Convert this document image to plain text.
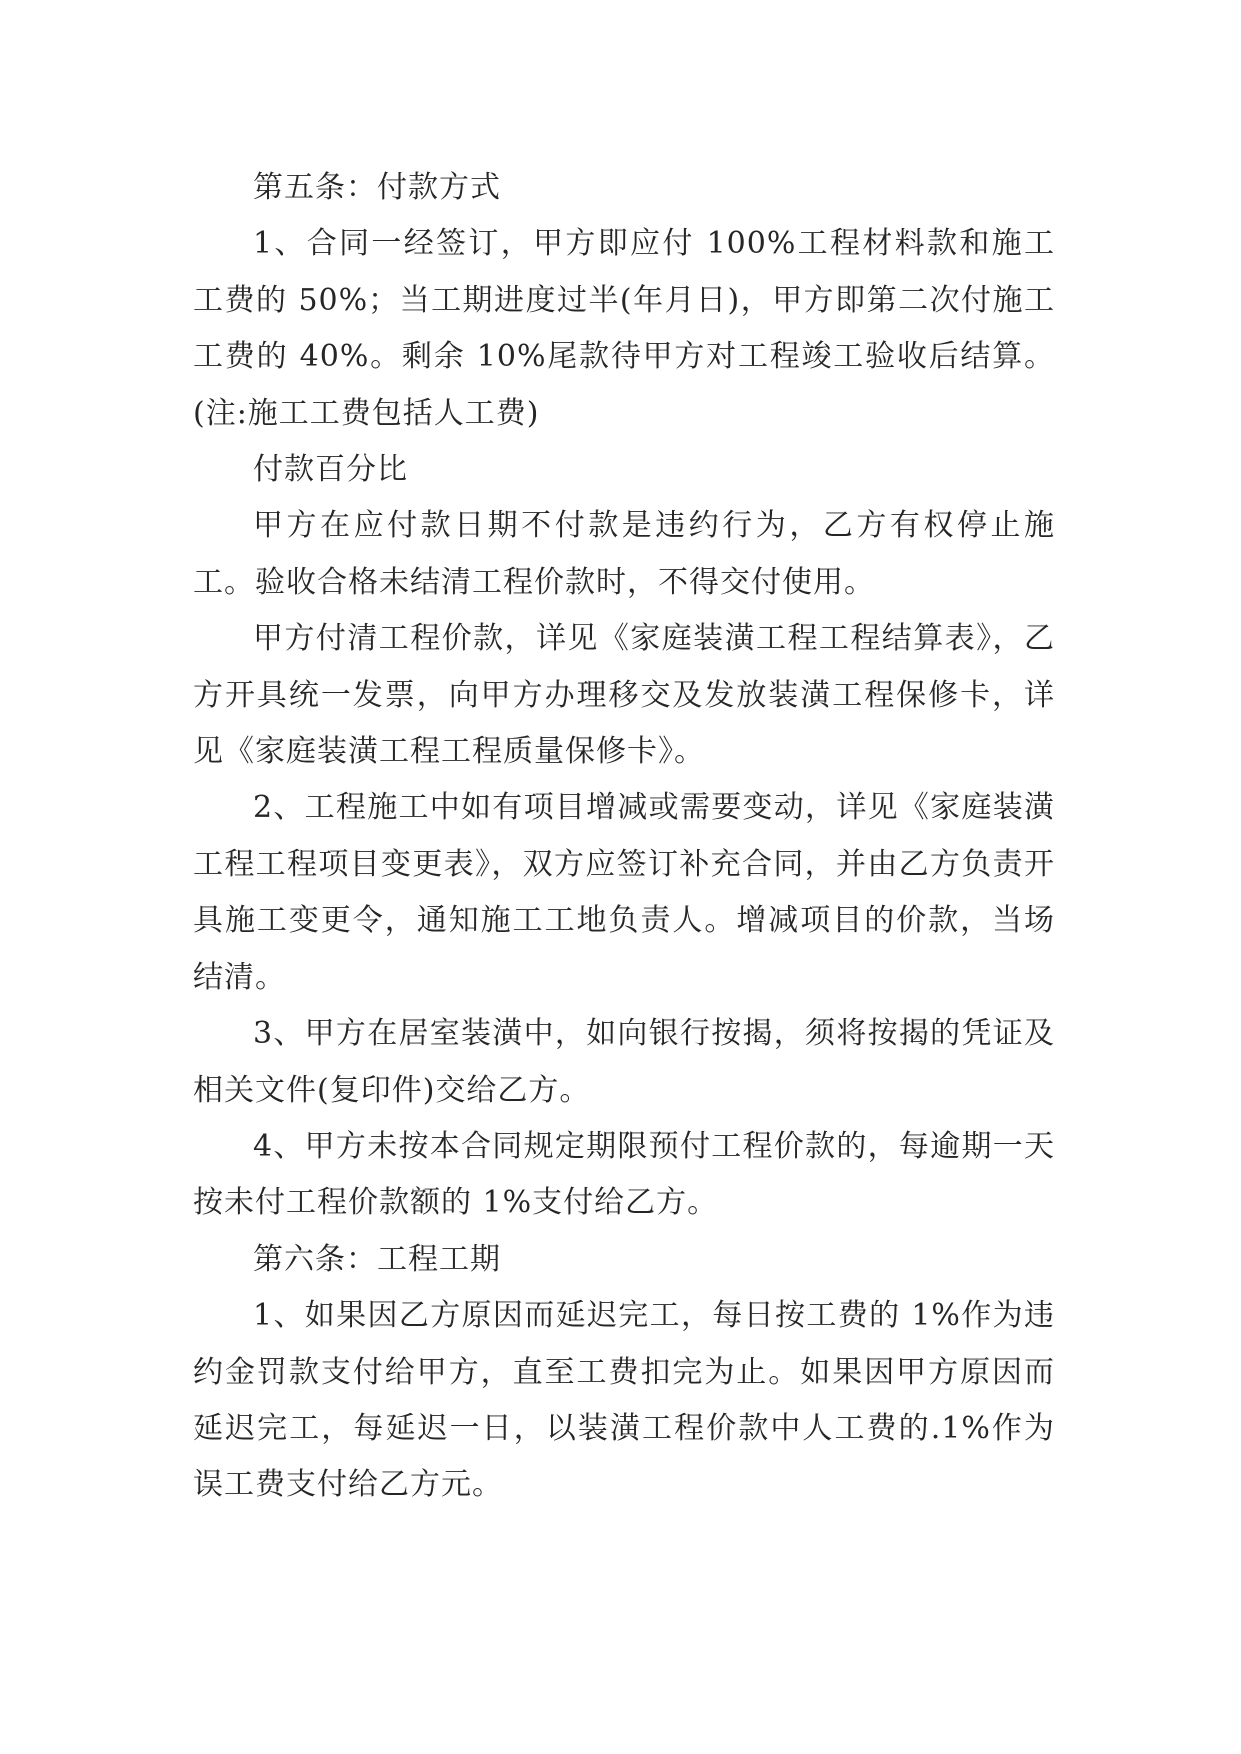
第五条：付款方式

1、合同一经签订，甲方即应付 100%工程材料款和施工工费的 50%；当工期进度过半(年月日)，甲方即第二次付施工工费的 40%。剩余 10%尾款待甲方对工程竣工验收后结算。(注:施工工费包括人工费)

付款百分比

甲方在应付款日期不付款是违约行为，乙方有权停止施工。验收合格未结清工程价款时，不得交付使用。

甲方付清工程价款，详见《家庭装潢工程工程结算表》，乙方开具统一发票，向甲方办理移交及发放装潢工程保修卡，详见《家庭装潢工程工程质量保修卡》。

2、工程施工中如有项目增减或需要变动，详见《家庭装潢工程工程项目变更表》，双方应签订补充合同，并由乙方负责开具施工变更令，通知施工工地负责人。增减项目的价款，当场结清。

3、甲方在居室装潢中，如向银行按揭，须将按揭的凭证及相关文件(复印件)交给乙方。

4、甲方未按本合同规定期限预付工程价款的，每逾期一天按未付工程价款额的 1%支付给乙方。

第六条：工程工期

1、如果因乙方原因而延迟完工，每日按工费的 1%作为违约金罚款支付给甲方，直至工费扣完为止。如果因甲方原因而延迟完工，每延迟一日，以装潢工程价款中人工费的.1%作为误工费支付给乙方元。
